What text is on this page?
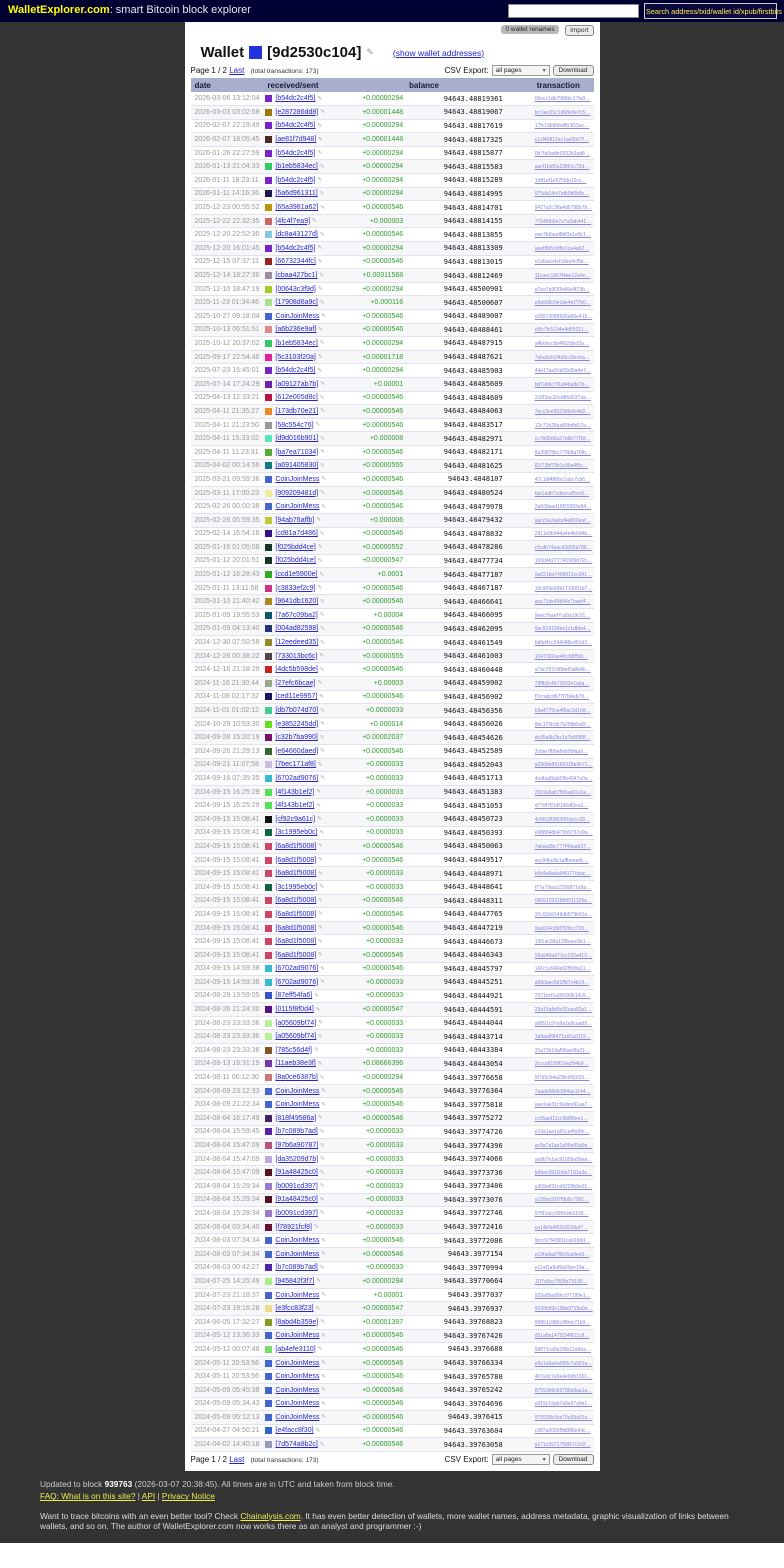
WalletExplorer.com: smart Bitcoin block explorer	Search address/txid/wallet id/xpub/firstbits
0 wallet renames Import
Wallet [9d2530c104] ✎ (show wallet addresses)
Page 1 / 2 Last (total transactions: 173)	CSV Export: all pages	▾	Download
date	received/sent	balance	transaction
2026-03-06 13:12:04	[b54dc2c4f5] ✎ +0.00000294	94643.48819361	06ecc1db7586bc17fa9…
2026-03-03 03:02:58	[e287286dd8] ✎ +0.00001448	94643.48819067	bc7ae1f1c1d68e9e7c5…
2026-02-07 22:19:49	[b54dc2c4f5] ✎ +0.00000294	94643.48817619	17fc19b9bbd8b3f15ec…
2026-02-07 18:05:45	[ae81f7d948] ✎ +0.00001448	94643.48817325	c1cf40812ac1ae5b07f…
2026-01-26 22:27:59	[b54dc2c4f5] ✎ +0.00000294	94643.48815877	0b7fa0adfe0332b3ad8…
2026-01-13 21:04:33	[b1eb5834ec] ✎ +0.00000294	94643.48815583	aacf1bdf2a19861c72d…
2026-01-11 18:23:11	[b54dc2c4f5] ✎ +0.00000294	94643.48815289	1fdf1ef1e57f2de12cc…
2026-01-11 14:16:36	[5a6d961311] ✎ +0.00000294	94643.48814995	975da14cf7afb9b5b8c…
2025-12-23 00:55:52	[65a3981a62] ✎ +0.00000546	94643.48814701	9427a2c38a4d5798b7b…
2025-12-22 22:32:35	[4fc4f7ea9] ✎ +0.000003	94643.48814155	7764f9b9e7a7a3ab441…
2025-12-20 22:52:30	[dc8a43127d] ✎ +0.00000546	94643.48813855	eee7b0aad8df3e1e8c1…
2025-12-20 16:01:45	[b54dc2c4f5] ✎ +0.00000294	94643.48813309	aaef8b5cbf8e1ca4ab2…
2025-12-15 07:37:11	[66732344fc] ✎ +0.00000546	94643.48813015	e1a5ace4cfc8ea4cf5e…
2025-12-14 18:27:36	[cbaa427bc1] ✎ +0.00311568	94643.48812469	11caec1667f4ae12a4e…
2025-12-10 18:47:19	[00643c3f9d] ✎ +0.00000294	94643.48500901	a7ea7a9f30b46e4f73b…
2025-11-23 01:34:46	[17908d6a9c] ✎ +0.000116	94643.48500607	e9a9d9c9e1de4ef77b0…
2025-10-27 09:18:04	CoinJoinMess ✎ +0.00000546	94643.48489007	c65572688506e66e415…
2025-10-13 06:51:51	[a6b236e9af] ✎ +0.00000546	94643.48488461	cf6c7fc5194e4d55011…
2025-10-12 20:37:02	[b1eb5834ec] ✎ +0.00000294	94643.48487915	a4bdaccbb4f02dbcf3a…
2025-09-17 22:54:46	[5c3103f20a] ✎ +0.00001718	94643.48487621	7eba9cfc04b0cc9ecba…
2025-07-23 15:45:01	[b54dc2c4f5] ✎ +0.00000294	94643.48485903	44e17aa3cbf1bd9a4e7…
2025-07-14 17:24:29	[a09127ab7b] ✎ +0.00001	94643.48485609	bd7ab6c7f1af4ba8e7b…
2025-04-13 12:33:21	[612e005d8c] ✎ +0.00000546	94643.48484609	316f3ac32ed86d037aa…
2025-04-11 21:35:27	[173db70e21] ✎ +0.00000546	94643.48484063	7ecc3ee5533dfa0c4d2…
2025-04-11 21:23:50	[58c554c76] ✎ +0.00000546	94643.48483517	12c71b28aa80bdfd17a…
2025-04-11 15:33:02	[d9d016b901] ✎ +0.000008	94643.48482971	cc7b80d9a37a9b77f3d…
2025-04-11 11:23:31	[ba7ea71034] ✎ +0.00000546	94643.48482171	8a39875bc779b8a7f4b…
2025-04-02 00:14:56	[a691405830] ✎ +0.00000555	94643.48481625	81f73bf79b1c95a4f5c…
2025-03-21 09:59:36	CoinJoinMess ✎ +0.00000546	94643.4848107	47c1df480bc1abc7cb6…
2025-03-11 17:00:23	[909209481d] ✎ +0.00000546	94643.48480524	fae1adb7cdbecaf5ce9…
2025-02-26 00:00:38	CoinJoinMess ✎ +0.00000546	94643.48479978	2a939aad19f29393e94…
2025-02-26 05:59:35	[94ab76affb] ✎ +0.000006	94643.48479432	aacc9a2aebd4e800eaf…
2025-02-14 16:54:16	[cd81a7d486] ✎ +0.00000546	94643.48478832	2911e0b944a4e4b0d4b…
2025-01-16 01:05:08	[f025bdd4ce] ✎ +0.00000552	94643.48478286	c5cdb74aacd3d05a788…
2025-01-12 20:01:51	[f025bdd4ce] ✎ +0.00000547	94643.48477734	193d4b277740909d72c…
2025-01-12 16:28:43	[ccd1e5900e] ✎ +0.0001	94643.48477187	9a021ba7498913cc341…
2025-01-11 13:11:58	[c3833ef2c9] ✎ +0.00000546	94643.48467187	19c909e99b1710001b7…
2025-01-10 21:40:42	[9641db1620] ✎ +0.00000546	94643.48466641	ace71de49d94c7baef4…
2025-01-09 19:55:53	[7a67c09ba2] ✎ +0.00004	94643.48466095	9eec7baef7ca9a19c91…
2025-01-09 04:13:40	[004ad82598] ✎ +0.00000546	94643.48462095	9ac919199be1c1dbfa4…
2024-12-30 07:50:58	[12eedeed35] ✎ +0.00000546	94643.48461549	bd6d4cc244048e461d3…
2024-12-26 00:38:22	[733013bc6c] ✎ +0.00000555	94643.48461003	1047302ae4fcc88f5fd…
2024-12-16 21:18:29	[4dc5b598de] ✎ +0.00000546	94643.48460448	a7ac707c98bef0a8b4b…
2024-11-16 21:30:44	[27efc6bcae] ✎ +0.00003	94643.48459902	73ffb3c4b73832e1aba…
2024-11-08 02:17:32	[ced11e9957] ✎ +0.00000546	94643.48456902	f7ccabcdb77f7b4ab79…
2024-11-01 01:02:12	[db7b074d70] ✎ +0.0000033	94643.48456356	b9a4775ca4f0ac2d10d…
2024-10-29 10:53:30	[e3852245dd] ✎ +0.000014	94643.48456026	8dc175b3b7b298b5af2…
2024-09-28 15:20:19	[c32b7ba990] ✎ +0.00002037	94643.48454626	dc05a9b2bc1a7b898f8…
2024-09-26 21:29:13	[e64660daed] ✎ +0.00000546	94643.48452589	2cfae7fb9a8eb9bfaa9…
2024-09-21 11:07:58	[7bec171af8] ✎ +0.0000033	94643.48452043	a29d9e89169318a9b71…
2024-09-16 07:35:35	[6702ad9076] ✎ +0.0000033	94643.48451713	4edba99ab09b4947e0a…
2024-09-15 16:25:29	[4f143b1ef2] ✎ +0.0000033	94643.48451383	2919a9ab7f99aa91a1a…
2024-09-15 16:25:29	[4f143b1ef2] ✎ +0.0000033	94643.48451053	d77df781df196df2ea1…
2024-09-15 15:08:41	[cf92c9a61c] ✎ +0.0000033	94643.48450723	4cf9028980991bccc28…
2024-09-15 15:08:41	[3c1995eb0c] ✎ +0.0000033	94643.48450393	e988848b473b9737e9a…
2024-09-15 15:08:41	[6a8d1f5008] ✎ +0.00000546	94643.48450063	7abaa3bc777f49aa937…
2024-09-15 15:08:41	[6a8d1f5008] ✎ +0.00000546	94643.48449517	acc94bc9e1affbeea4c…
2024-09-15 15:08:41	[6a8d1f5008] ✎ +0.0000033	94643.48448971	b9d4a9ada94f177cbac…
2024-09-15 15:08:41	[3c1995eb0c] ✎ +0.0000033	94643.48448641	f77a79aa12299871a9a…
2024-09-15 15:08:41	[6a8d1f5008] ✎ +0.00000546	94643.48448311	0909129319b9911129a…
2024-09-15 15:08:41	[6a8d1f5008] ✎ +0.00000546	94643.48447765	37c91b9149db979b91e…
2024-09-15 15:08:41	[6a8d1f5008] ✎ +0.00000546	94643.48447219	9aa934c09f7f29cc729…
2024-09-15 15:08:41	[6a8d1f5008] ✎ +0.0000033	94643.48446673	19f1ac09a129baac9e1…
2024-09-15 15:08:41	[6a8d1f5008] ✎ +0.00000546	94643.48446343	99a949a971cc192a419…
2024-09-15 14:59:38	[6702ad9076] ✎ +0.00000546	94643.48445797	141c1a949a92fb99a11…
2024-09-15 14:59:38	[6702ad9076] ✎ +0.0000033	94643.48445251	a99daec9d1ffd7c4b19…
2024-08-29 13:59:05	[87eff54fa6] ✎ +0.0000033	94643.48444921	7371bcf1a99199b14c9…
2024-08-26 21:24:30	[0115f8f0d4] ✎ +0.00000547	94643.48444591	29a15a8d9c92caa92a1…
2024-08-23 23:33:36	[a05609bf74] ✎ +0.0000033	94643.48444044	a9891c97a9a1a9caad9…
2024-08-23 23:33:36	[a05609bf74] ✎ +0.0000033	94643.48443714	1a9aa99f471a91a9119…
2024-08-23 23:33:36	[785c56d4f] ✎ +0.0000033	94643.48443384	31a73b19af99ae9fa31…
2024-08-13 18:31:19	[11aeb38e3f] ✎ +0.08666396	94643.48443054	2ccca8189f19acf94b9…
2024-08-11 06:12:30	[8a0ce6387b] ✎ +0.00000294	94643.39776658	9f7d5cb4a23fcd95015…
2024-08-09 23:12:33	CoinJoinMess ✎ +0.00000546	94643.39776364	7aade9fd4c594ae1144…
2024-08-09 21:22:34	CoinJoinMess ✎ +0.00000546	94643.39775818	aae1ae31c9adee91aa7…
2024-08-04 16:17:49	[818f49586a] ✎ +0.00000546	94643.39775272	ccf3aad11cc9b8f9ee1…
2024-08-04 15:59:45	[b7c089b7ad] ✎ +0.0000033	94643.39774726	e19a1ae1a91ca4fa9fe…
2024-08-04 15:47:09	[97b6a90787] ✎ +0.0000033	94643.39774396	ac9a7a1ae1a99e99a9e…
2024-08-04 15:47:09	[da35209d7b] ✎ +0.0000033	94643.39774066	aa9b7a1ac91999a99ea…
2024-08-04 15:47:09	[91a48425c0] ✎ +0.0000033	94643.39773736	bd9ac9911b9a7191a3a…
2024-08-04 15:29:34	[b0091cd397] ✎ +0.0000033	94643.39773406	a309e691cd9229b9e91…
2024-08-04 15:29:34	[91a48425c0] ✎ +0.0000033	94643.39773076	a109ac93f7f9b9c7991…
2024-08-04 15:29:34	[b0091cd397] ✎ +0.0000033	94643.39772746	97f91acc99f9cbb1199…
2024-08-04 03:34:40	[f78921fcf8] ✎ +0.0000033	94643.39772416	ca14bfa4f91b9299af7…
2024-08-03 07:34:34	CoinJoinMess ✎ +0.00000546	94643.39772086	9ccc97f49991ca91b9d…
2024-08-03 07:34:34	CoinJoinMess ✎ +0.00000546	94643.3977154	e19fa9ad7f9c9ca9ee9…
2024-08-03 00:42:27	[b7c089b7ad] ✎ +0.0000033	94643.39770994	e11af1a9af9a99ee19a…
2024-07-25 14:25:49	[945842f3f7] ✎ +0.00000294	94643.39770664	11f7a9cc7f93fa79199…
2024-07-23 21:18:37	CoinJoinMess ✎ +0.00001	94643.3977037	929af9ad99cc97199e1…
2024-07-23 19:16:28	[e3fcc83f23] ✎ +0.00000547	94643.3976937	9199b99e19bb9719a9a…
2024-06-05 17:32:27	[8abd4b359e] ✎ +0.00001397	94643.39768823	99851c985c9f9cb71b9…
2024-05-12 13:36:33	CoinJoinMess ✎ +0.00000546	94643.39767426	d51a8a147f234f811c8…
2024-05-12 00:07:48	[ab4efe3110] ✎ +0.00000546	94643.3976688	99871ca9a1f9b12a9ba…
2024-05-11 20:53:56	CoinJoinMess ✎ +0.00000546	94643.39766334	e9e1a9a4a999c7a991a…
2024-05-11 20:53:56	CoinJoinMess ✎ +0.00000546	94643.39765788	4b7a9c7a9a4e99b1991…
2024-05-09 05:45:38	CoinJoinMess ✎ +0.00000546	94643.39765242	87593b9cb9799a9aa1a…
2024-05-09 05:34:43	CoinJoinMess ✎ +0.00000546	94643.39764696	a919c19ab7a9a97a9e1…
2024-05-09 05:12:13	CoinJoinMess ✎ +0.00000546	94643.3976415	975939b3cb79a99a91a…
2024-04-27 04:50:21	[e4facc8f30] ✎ +0.00000546	94643.39763604	c987a2059f9d986e94c…
2024-04-02 14:40:18	[7d574a8b2c] ✎ +0.00000546	94643.39763058	a171c59717f9857c2d2…
Page 1 / 2 Last (total transactions: 173)	CSV Export: all pages	▾	Download
Updated to block 939763 (2026-03-07 20:38:45). All times are in UTC and taken from block time.
FAQ: What is on this site? | API | Privacy Notice
Want to trace bitcoins with an even better tool? Check Chainalysis.com. It has even better detection of wallets, more wallet names, address metadata, graphic visualization of links between wallets, and so on. The author of WalletExplorer.com now works there as an analyst and programmer :-)
